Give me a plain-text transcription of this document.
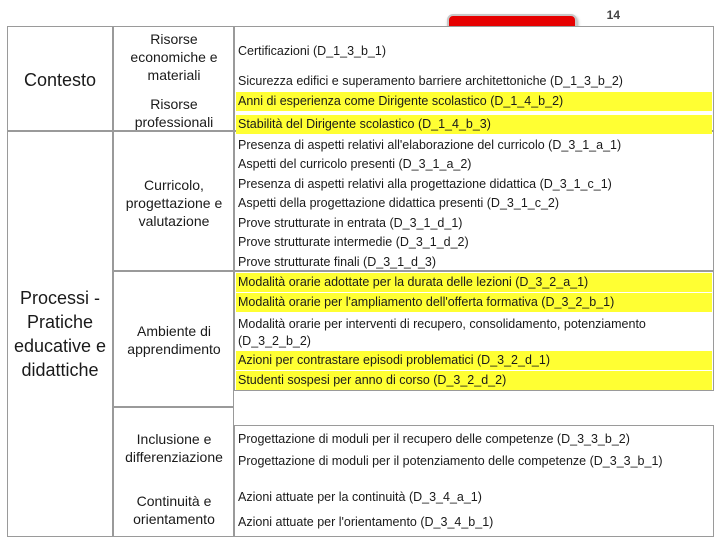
14
Contesto
Processi - Pratiche educative e didattiche
Risorse economiche e materiali
Risorse professionali
Curricolo, progettazione e valutazione
Ambiente di apprendimento
Inclusione e differenziazione
Continuità e orientamento
Certificazioni (D_1_3_b_1)
Sicurezza edifici e superamento barriere architettoniche (D_1_3_b_2)
Anni di esperienza come Dirigente scolastico (D_1_4_b_2)
Stabilità del Dirigente scolastico (D_1_4_b_3)
Presenza di aspetti relativi all'elaborazione del curricolo (D_3_1_a_1)
Aspetti del curricolo presenti (D_3_1_a_2)
Presenza di aspetti relativi alla progettazione didattica (D_3_1_c_1)
Aspetti della progettazione didattica presenti (D_3_1_c_2)
Prove strutturate in entrata (D_3_1_d_1)
Prove strutturate intermedie (D_3_1_d_2)
Prove strutturate finali (D_3_1_d_3)
Modalità orarie adottate per la durata delle lezioni (D_3_2_a_1)
Modalità orarie per l'ampliamento dell'offerta formativa (D_3_2_b_1)
Modalità orarie per interventi di recupero, consolidamento, potenziamento (D_3_2_b_2)
Azioni per contrastare episodi problematici (D_3_2_d_1)
Studenti sospesi per anno di corso (D_3_2_d_2)
Progettazione di moduli per il recupero delle competenze (D_3_3_b_2)
Progettazione di moduli per il potenziamento delle competenze (D_3_3_b_1)
Azioni attuate per la continuità (D_3_4_a_1)
Azioni attuate per l'orientamento (D_3_4_b_1)
